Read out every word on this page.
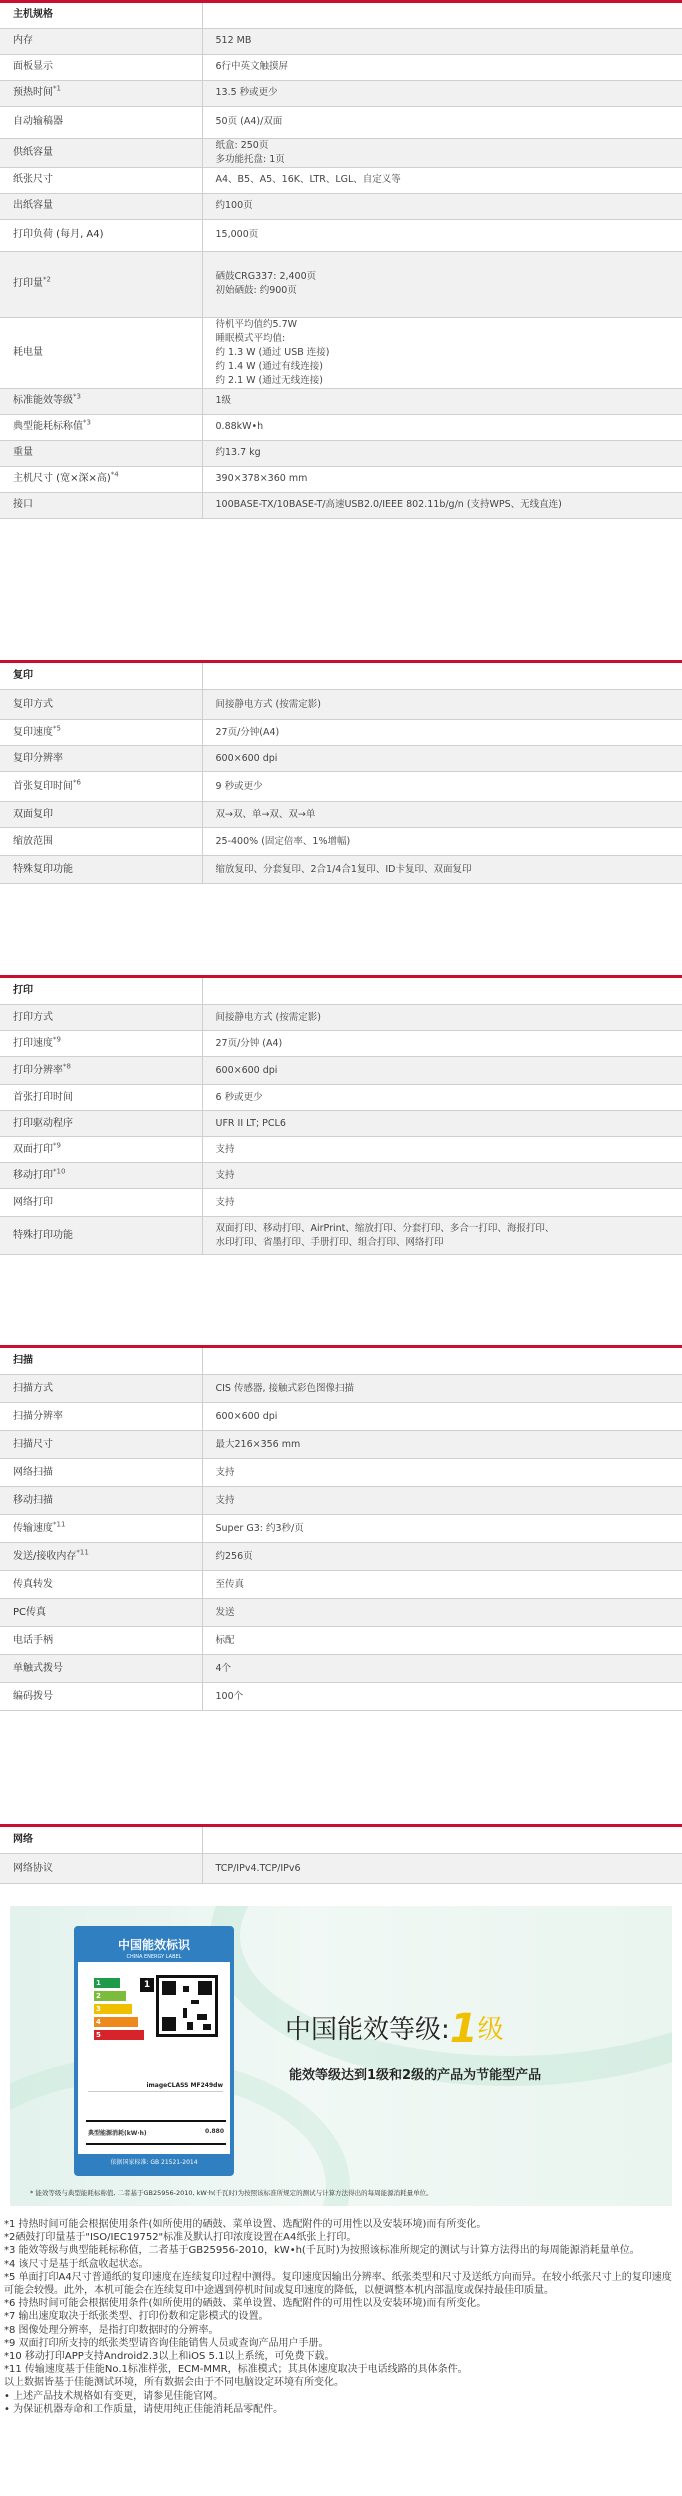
主机规格	
内存	512 MB

面板显示	6行中英文触摸屏

预热时间$^{*1}$	13.5 秒或更少

自动输稿器	50页 (A4)/双面

供纸容量	纸盒: 250页
多功能托盘: 1页

纸张尺寸	A4、B5、A5、16K、LTR、LGL、自定义等

出纸容量	约100页

打印负荷 (每月, A4)	15,000页

打印量$^{*2}$	硒鼓CRG337: 2,400页
初始硒鼓: 约900页

耗电量	待机平均值约5.7W
睡眠模式平均值:
约 1.3 W (通过 USB 连接)
约 1.4 W (通过有线连接)
约 2.1 W (通过无线连接)

标准能效等级$^{*3}$	1级

典型能耗标称值$^{*3}$	0.88kW•h

重量	约13.7 kg

主机尺寸 (宽×深×高)$^{*4}$	390×378×360 mm

接口	100BASE-TX/10BASE-T/高速USB2.0/IEEE 802.11b/g/n (支持WPS、无线直连)
复印	
复印方式	间接静电方式 (按需定影)

复印速度$^{*5}$	27页/分钟(A4)

复印分辨率	600×600 dpi

首张复印时间$^{*6}$	9 秒或更少

双面复印	双→双、单→双、双→单

缩放范围	25-400% (固定倍率、1%增幅)

特殊复印功能	缩放复印、分套复印、2合1/4合1复印、ID卡复印、双面复印
打印	
打印方式	间接静电方式 (按需定影)

打印速度$^{*9}$	27页/分钟 (A4)

打印分辨率$^{*8}$	600×600 dpi

首张打印时间	6 秒或更少

打印驱动程序	UFR II LT; PCL6

双面打印$^{*9}$	支持

移动打印$^{*10}$	支持

网络打印	支持

特殊打印功能	双面打印、移动打印、AirPrint、缩放打印、分套打印、多合一打印、海报打印、
水印打印、省墨打印、手册打印、组合打印、网络打印
扫描	
扫描方式	CIS 传感器, 接触式彩色图像扫描

扫描分辨率	600×600 dpi

扫描尺寸	最大216×356 mm

网络扫描	支持

移动扫描	支持

传输速度$^{*11}$	Super G3: 约3秒/页

发送/接收内存$^{*11}$	约256页

传真转发	至传真

PC传真	发送

电话手柄	标配

单触式拨号	4个

编码拨号	100个
网络	
网络协议	TCP/IPv4.TCP/IPv6
中国能效标识
CHINA ENERGY LABEL
1
2
3
4
5
1
imageCLASS MF249dw
典型能源消耗(kW·h)	0.880
依据国家标准: GB 21521-2014
中国能效等级:1级
能效等级达到1级和2级的产品为节能型产品
* 能效等级与典型能耗标称值, 二者基于GB25956-2010, kW·h(千瓦时)为按照该标准所规定的测试与计算方法得出的每周能源消耗量单位。

*1 持热时间可能会根据使用条件(如所使用的硒鼓、菜单设置、选配附件的可用性以及安装环境)而有所变化。

*2硒鼓打印量基于"ISO/IEC19752"标准及默认打印浓度设置在A4纸张上打印。

*3 能效等级与典型能耗标称值，二者基于GB25956-2010，kW•h(千瓦时)为按照该标准所规定的测试与计算方法得出的每周能源消耗量单位。

*4 该尺寸是基于纸盒收起状态。

*5 单面打印A4尺寸普通纸的复印速度在连续复印过程中测得。复印速度因输出分辨率、纸张类型和尺寸及送纸方向而异。在较小纸张尺寸上的复印速度可能会较慢。此外，本机可能会在连续复印中途遇到停机时间或复印速度的降低，以便调整本机内部温度或保持最佳印质量。

*6 持热时间可能会根据使用条件(如所使用的硒鼓、菜单设置、选配附件的可用性以及安装环境)而有所变化。

*7 输出速度取决于纸张类型、打印份数和定影模式的设置。

*8 图像处理分辨率，是指打印数据时的分辨率。

*9 双面打印所支持的纸张类型请咨询佳能销售人员或查询产品用户手册。

*10 移动打印APP支持Android2.3以上和iOS 5.1以上系统，可免费下载。

*11 传输速度基于佳能No.1标准样张，ECM-MMR，标准模式；其具体速度取决于电话线路的具体条件。

以上数据皆基于佳能测试环境，所有数据会由于不同电脑设定环境有所变化。

• 上述产品技术规格如有变更，请参见佳能官网。

• 为保证机器寿命和工作质量，请使用纯正佳能消耗品零配件。
